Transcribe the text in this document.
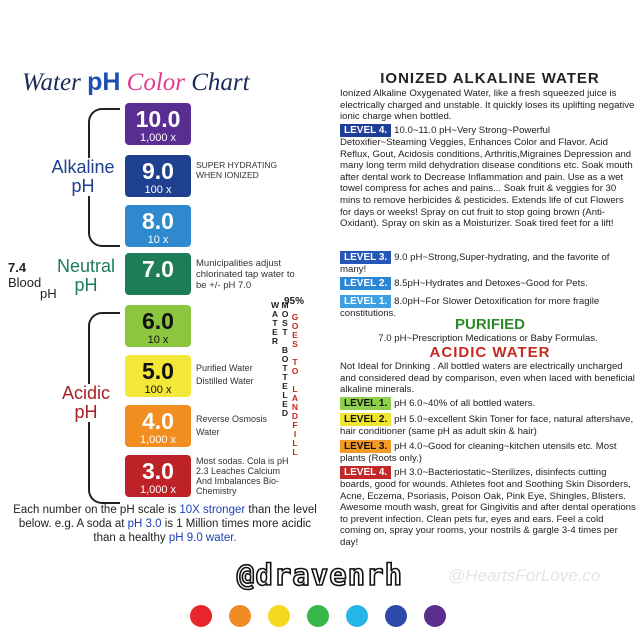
Water pH Color Chart
Alkaline
pH
Neutral
pH
Acidic
pH
7.4
Blood
pH
10.0
1,000 x
9.0
100 x
8.0
10 x
7.0
6.0
10 x
5.0
100 x
4.0
1,000 x
3.0
1,000 x
MOST BOTTELED WATER 95%
GOES TO LANDFILL
Each number on the pH scale is 10X stronger than the level below. e.g. A soda at pH 3.0 is 1 Million times more acidic than a healthy pH 9.0 water.
IONIZED ALKALINE WATER
Ionized Alkaline Oxygenated Water, like a fresh squeezed juice is electrically charged and unstable. It quickly loses its uplifting negative ionic charge when bottled.
LEVEL 4. 10.0~11.0 pH~Very Strong~Powerful Detoxifier~Steaming Veggies, Enhances Color and Flavor. Acid Reflux, Gout, Acidosis conditions, Arthritis,Migraines Depression and many long term mild dehydration disease conditions etc. Soak mouth after dental work to Decrease Inflammation and pain. Use as a wet towel compress for aches and pains... Soak fruit & veggies for 30 mins to remove herbicides & pesticides. Extends life of cut Flowers for days or weeks! Spray on cut fruit to stop going brown (Anti-Oxidant). Spray on skin as a Moisturizer. Soak tired feet for a lift!
LEVEL 3. 9.0 pH~Strong,Super-hydrating, and the favorite of many!
LEVEL 2. 8.5pH~Hydrates and Detoxes~Good for Pets.
LEVEL 1. 8.0pH~For Slower Detoxification for more fragile constitutions.
PURIFIED
7.0 pH~Prescription Medications or Baby Formulas.
ACIDIC WATER
Not Ideal for Drinking . All bottled waters are electrically uncharged and considered dead by comparison, even when laced with beneficial alkaline minerals.
LEVEL 1. pH 6.0~40% of all bottled waters.
LEVEL 2. pH 5.0~excellent Skin Toner for face, natural aftershave, hair conditioner (same pH as adult skin & hair)
LEVEL 3. pH 4.0~Good for cleaning~kitchen utensils etc. Most plants (Roots only.)
LEVEL 4. pH 3.0~Bacteriostatic~Sterilizes, disinfects cutting boards, good for wounds. Athletes foot and Soothing Skin Disorders, Acne, Eczema, Psoriasis, Poison Oak, Pink Eye, Shingles, Blisters. Awesome mouth wash, great for Gingivitis and after dental operations to prevent infection. Clean pets fur, eyes and ears. Feel a cold coming on, spray your rooms, your nostrils & gargle 3-4 times per day!
@dravenrh	@HeartsForLove.co
SUPER HYDRATING WHEN IONIZED
Municipalities adjust chlorinated tap water to be +/- pH 7.0
Purified Water
Distilled Water
Reverse Osmosis Water
Most sodas. Cola is pH 2.3 Leaches Calcium And Imbalances Bio-Chemistry
